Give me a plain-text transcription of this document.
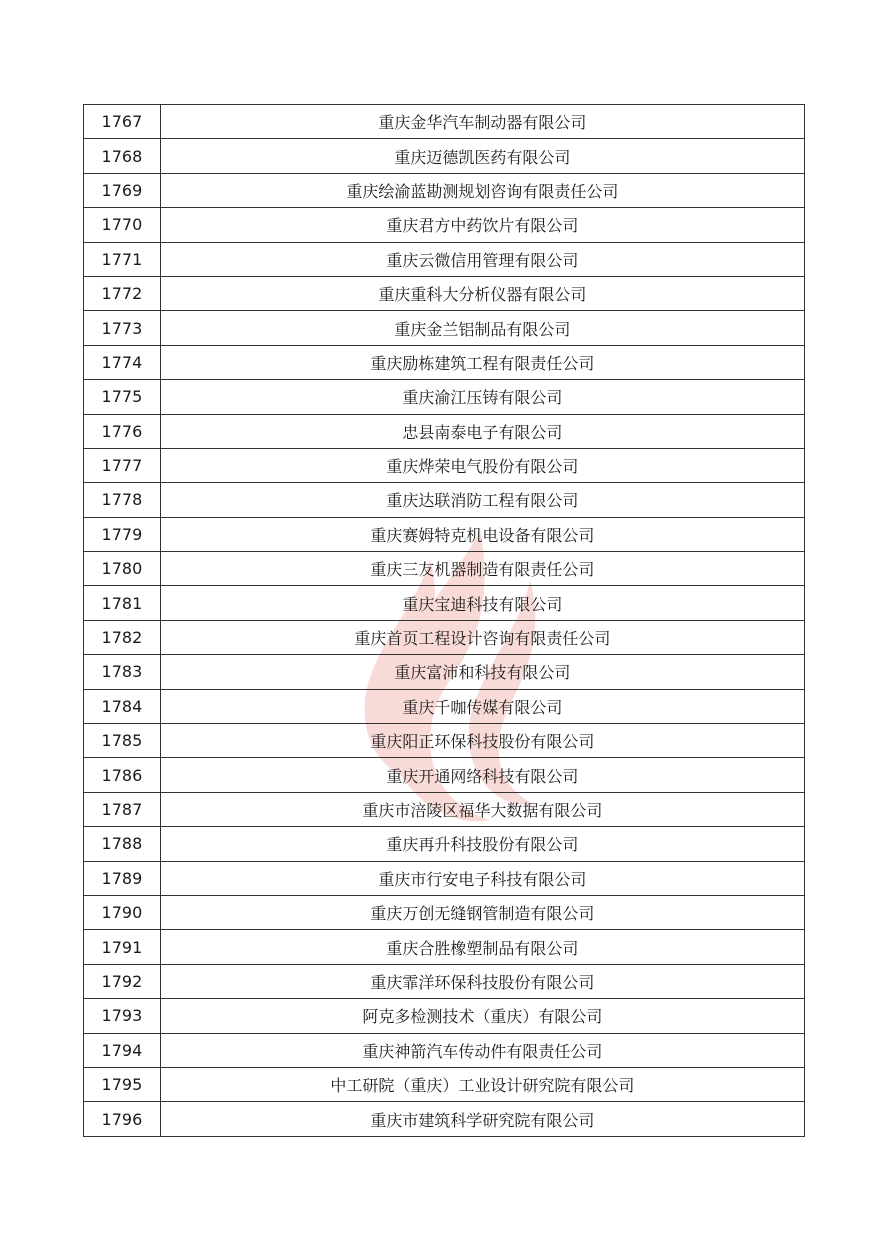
1767	重庆金华汽车制动器有限公司
1768	重庆迈德凯医药有限公司
1769	重庆绘渝蓝勘测规划咨询有限责任公司
1770	重庆君方中药饮片有限公司
1771	重庆云微信用管理有限公司
1772	重庆重科大分析仪器有限公司
1773	重庆金兰铝制品有限公司
1774	重庆励栋建筑工程有限责任公司
1775	重庆渝江压铸有限公司
1776	忠县南泰电子有限公司
1777	重庆烨荣电气股份有限公司
1778	重庆达联消防工程有限公司
1779	重庆赛姆特克机电设备有限公司
1780	重庆三友机器制造有限责任公司
1781	重庆宝迪科技有限公司
1782	重庆首页工程设计咨询有限责任公司
1783	重庆富沛和科技有限公司
1784	重庆千咖传媒有限公司
1785	重庆阳正环保科技股份有限公司
1786	重庆开通网络科技有限公司
1787	重庆市涪陵区福华大数据有限公司
1788	重庆再升科技股份有限公司
1789	重庆市行安电子科技有限公司
1790	重庆万创无缝钢管制造有限公司
1791	重庆合胜橡塑制品有限公司
1792	重庆霏洋环保科技股份有限公司
1793	阿克多检测技术（重庆）有限公司
1794	重庆神箭汽车传动件有限责任公司
1795	中工研院（重庆）工业设计研究院有限公司
1796	重庆市建筑科学研究院有限公司
